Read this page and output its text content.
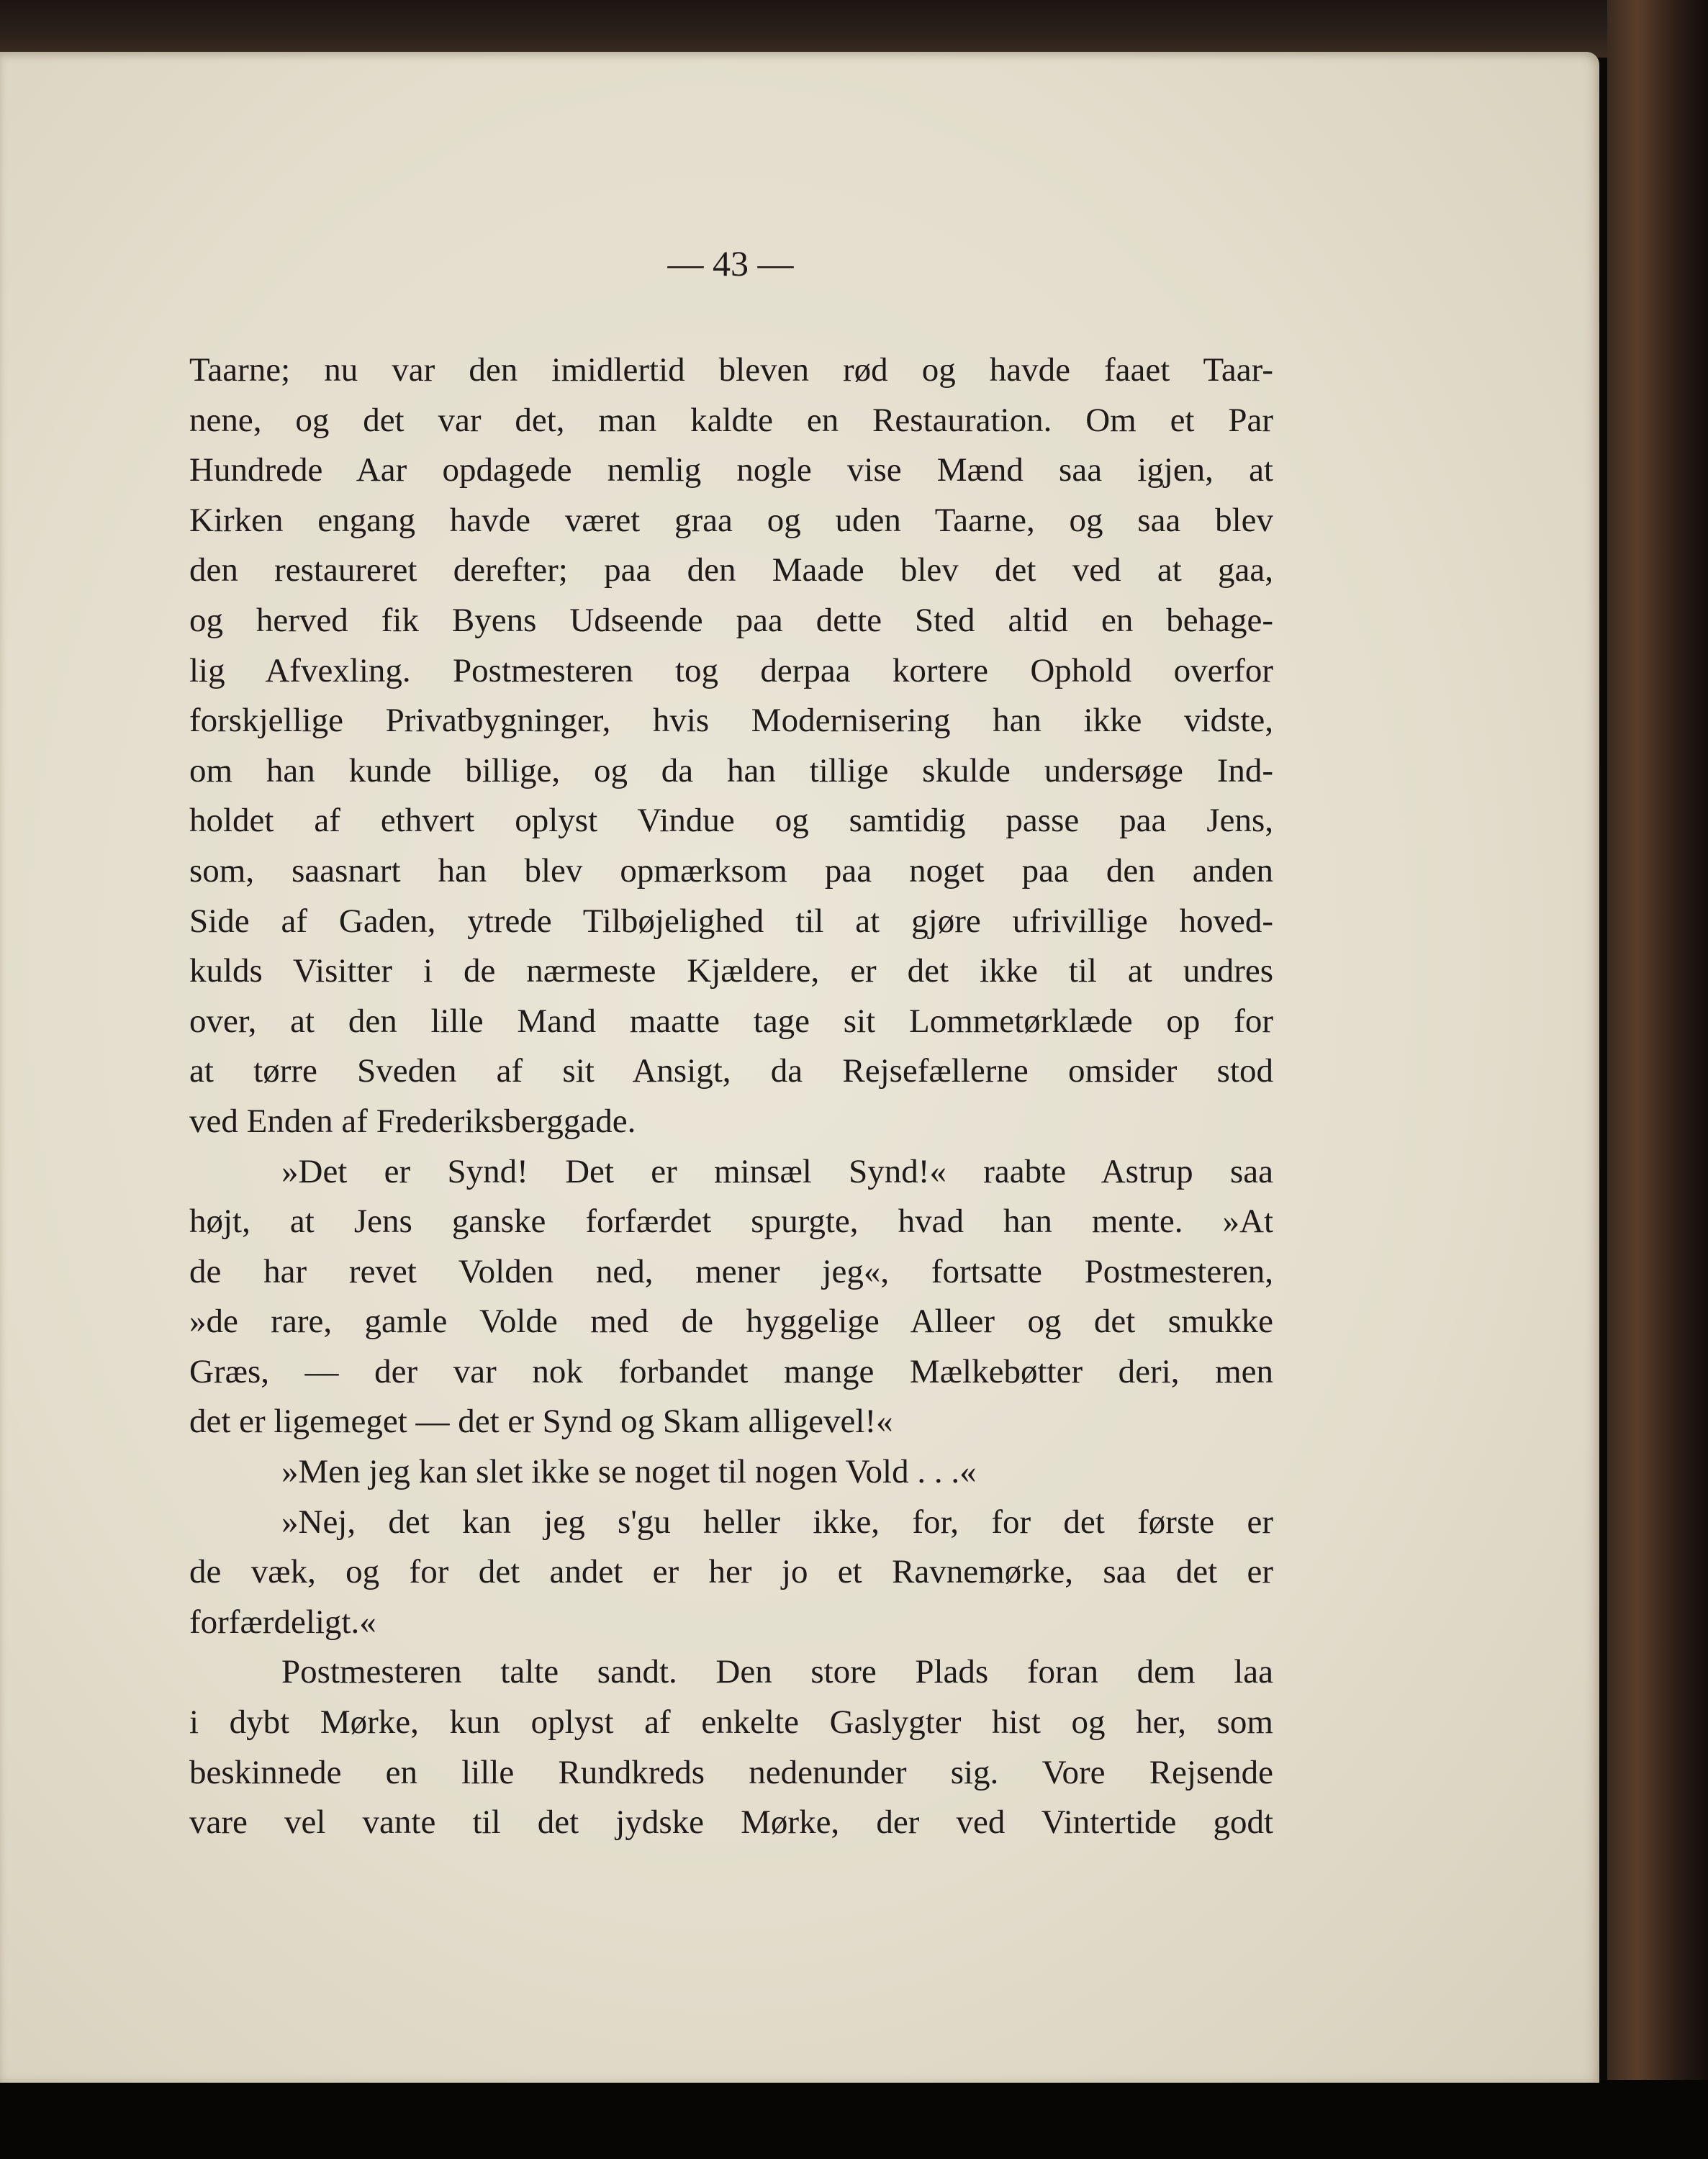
— 43 —

Taarne; nu var den imidlertid bleven rød og havde faaet Taar-
nene, og det var det, man kaldte en Restauration. Om et Par
Hundrede Aar opdagede nemlig nogle vise Mænd saa igjen, at
Kirken engang havde været graa og uden Taarne, og saa blev
den restaureret derefter; paa den Maade blev det ved at gaa,
og herved fik Byens Udseende paa dette Sted altid en behage-
lig Afvexling. Postmesteren tog derpaa kortere Ophold overfor
forskjellige Privatbygninger, hvis Modernisering han ikke vidste,
om han kunde billige, og da han tillige skulde undersøge Ind-
holdet af ethvert oplyst Vindue og samtidig passe paa Jens,
som, saasnart han blev opmærksom paa noget paa den anden
Side af Gaden, ytrede Tilbøjelighed til at gjøre ufrivillige hoved-
kulds Visitter i de nærmeste Kjældere, er det ikke til at undres
over, at den lille Mand maatte tage sit Lommetørklæde op for
at tørre Sveden af sit Ansigt, da Rejsefællerne omsider stod
ved Enden af Frederiksberggade.
»Det er Synd! Det er minsæl Synd!« raabte Astrup saa
højt, at Jens ganske forfærdet spurgte, hvad han mente. »At
de har revet Volden ned, mener jeg«, fortsatte Postmesteren,
»de rare, gamle Volde med de hyggelige Alleer og det smukke
Græs, — der var nok forbandet mange Mælkebøtter deri, men
det er ligemeget — det er Synd og Skam alligevel!«
»Men jeg kan slet ikke se noget til nogen Vold . . .«
»Nej, det kan jeg s'gu heller ikke, for, for det første er
de væk, og for det andet er her jo et Ravnemørke, saa det er
forfærdeligt.«
Postmesteren talte sandt. Den store Plads foran dem laa
i dybt Mørke, kun oplyst af enkelte Gaslygter hist og her, som
beskinnede en lille Rundkreds nedenunder sig. Vore Rejsende
vare vel vante til det jydske Mørke, der ved Vintertide godt
